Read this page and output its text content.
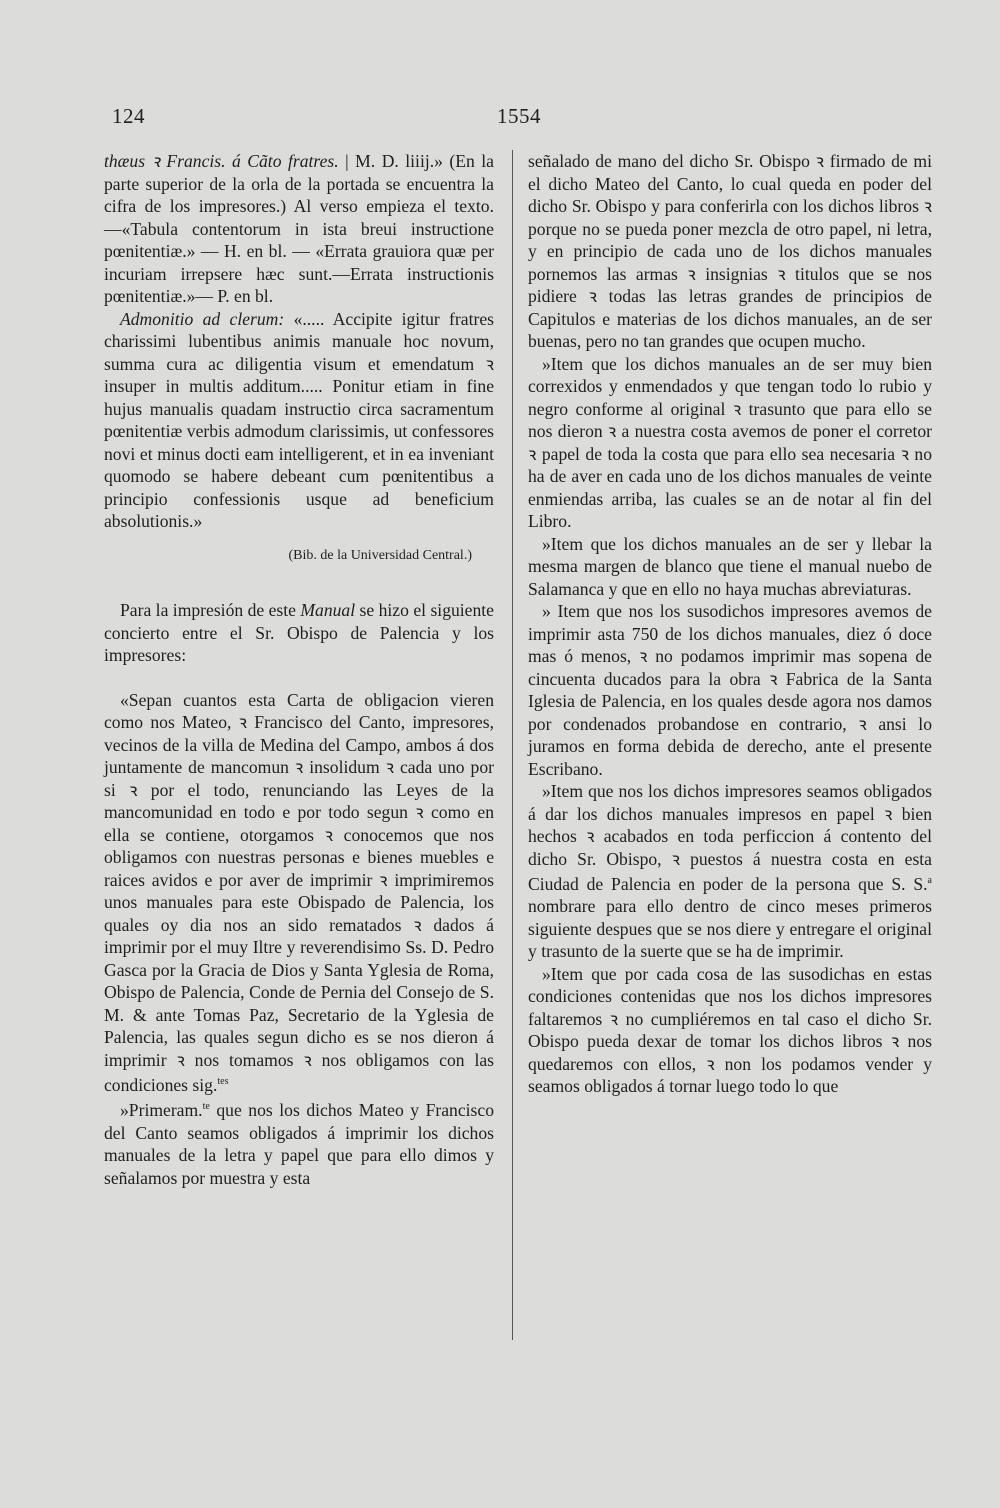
124	1554

thæus ꝛ Francis. á Cãto fratres. | M. D. liiij.» (En la parte superior de la orla de la portada se encuentra la cifra de los impresores.) Al verso empieza el texto.—«Tabula contentorum in ista breui instructione pœnitentiæ.» — H. en bl. — «Errata grauiora quæ per incuriam irrepsere hæc sunt.—Errata instructionis pœnitentiæ.»— P. en bl.

Admonitio ad clerum: «..... Accipite igitur fratres charissimi lubentibus animis manuale hoc novum, summa cura ac diligentia visum et emendatum ꝛ insuper in multis additum..... Ponitur etiam in fine hujus manualis quadam instructio circa sacramentum pœnitentiæ verbis admodum clarissimis, ut confessores novi et minus docti eam intelligerent, et in ea inveniant quomodo se habere debeant cum pœnitentibus a principio confessionis usque ad beneficium absolutionis.»

(Bib. de la Universidad Central.)

Para la impresión de este Manual se hizo el siguiente concierto entre el Sr. Obispo de Palencia y los impresores:

«Sepan cuantos esta Carta de obligacion vieren como nos Mateo, ꝛ Francisco del Canto, impresores, vecinos de la villa de Medina del Campo, ambos á dos juntamente de mancomun ꝛ insolidum ꝛ cada uno por si ꝛ por el todo, renunciando las Leyes de la mancomunidad en todo e por todo segun ꝛ como en ella se contiene, otorgamos ꝛ conocemos que nos obligamos con nuestras personas e bienes muebles e raices avidos e por aver de imprimir ꝛ imprimiremos unos manuales para este Obispado de Palencia, los quales oy dia nos an sido rematados ꝛ dados á imprimir por el muy Iltre y reverendisimo Ss. D. Pedro Gasca por la Gracia de Dios y Santa Yglesia de Roma, Obispo de Palencia, Conde de Pernia del Consejo de S. M. & ante Tomas Paz, Secretario de la Yglesia de Palencia, las quales segun dicho es se nos dieron á imprimir ꝛ nos tomamos ꝛ nos obligamos con las condiciones sig.$^{tes}$

»Primeram.$^{te}$ que nos los dichos Mateo y Francisco del Canto seamos obligados á imprimir los dichos manuales de la letra y papel que para ello dimos y señalamos por muestra y esta

señalado de mano del dicho Sr. Obispo ꝛ firmado de mi el dicho Mateo del Canto, lo cual queda en poder del dicho Sr. Obispo y para conferirla con los dichos libros ꝛ porque no se pueda poner mezcla de otro papel, ni letra, y en principio de cada uno de los dichos manuales pornemos las armas ꝛ insignias ꝛ titulos que se nos pidiere ꝛ todas las letras grandes de principios de Capitulos e materias de los dichos manuales, an de ser buenas, pero no tan grandes que ocupen mucho.

»Item que los dichos manuales an de ser muy bien correxidos y enmendados y que tengan todo lo rubio y negro conforme al original ꝛ trasunto que para ello se nos dieron ꝛ a nuestra costa avemos de poner el corretor ꝛ papel de toda la costa que para ello sea necesaria ꝛ no ha de aver en cada uno de los dichos manuales de veinte enmiendas arriba, las cuales se an de notar al fin del Libro.

»Item que los dichos manuales an de ser y llebar la mesma margen de blanco que tiene el manual nuebo de Salamanca y que en ello no haya muchas abreviaturas.

» Item que nos los susodichos impresores avemos de imprimir asta 750 de los dichos manuales, diez ó doce mas ó menos, ꝛ no podamos imprimir mas sopena de cincuenta ducados para la obra ꝛ Fabrica de la Santa Iglesia de Palencia, en los quales desde agora nos damos por condenados probandose en contrario, ꝛ ansi lo juramos en forma debida de derecho, ante el presente Escribano.

»Item que nos los dichos impresores seamos obligados á dar los dichos manuales impresos en papel ꝛ bien hechos ꝛ acabados en toda perficcion á contento del dicho Sr. Obispo, ꝛ puestos á nuestra costa en esta Ciudad de Palencia en poder de la persona que S. S.$^a$ nombrare para ello dentro de cinco meses primeros siguiente despues que se nos diere y entregare el original y trasunto de la suerte que se ha de imprimir.

»Item que por cada cosa de las susodichas en estas condiciones contenidas que nos los dichos impresores faltaremos ꝛ no cumpliéremos en tal caso el dicho Sr. Obispo pueda dexar de tomar los dichos libros ꝛ nos quedaremos con ellos, ꝛ non los podamos vender y seamos obligados á tornar luego todo lo que
